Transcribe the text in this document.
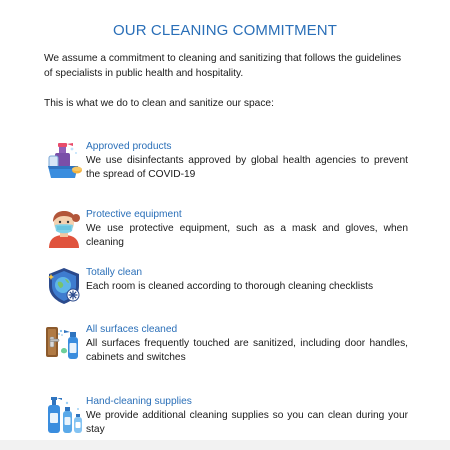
OUR CLEANING COMMITMENT

We assume a commitment to cleaning and sanitizing that follows the guidelines of specialists in public health and hospitality.

This is what we do to clean and sanitize our space:

Approved products
We use disinfectants approved by global health agencies to prevent the spread of COVID-19
Protective equipment
We use protective equipment, such as a mask and gloves, when cleaning
Totally clean
Each room is cleaned according to thorough cleaning checklists
All surfaces cleaned
All surfaces frequently touched are sanitized, including door handles, cabinets and switches
Hand-cleaning supplies
We provide additional cleaning supplies so you can clean during your stay
